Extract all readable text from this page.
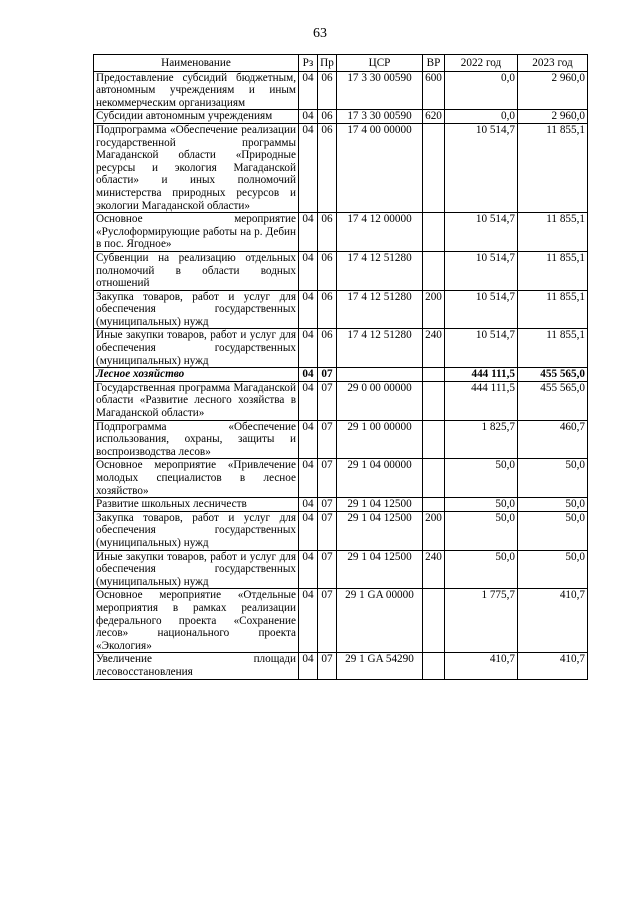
63
Наименование	Рз	Пр	ЦСР	ВР	2022 год	2023 год
Предоставление субсидий бюджетным, автономным учреждениям и иным некоммерческим организациям	04	06	17 3 30 00590	600	0,0	2 960,0
Субсидии автономным учреждениям	04	06	17 3 30 00590	620	0,0	2 960,0
Подпрограмма «Обеспечение реализации государственной программы Магаданской области «Природные ресурсы и экология Магаданской области» и иных полномочий министерства природных ресурсов и экологии Магаданской области»	04	06	17 4 00 00000		10 514,7	11 855,1
Основное мероприятие «Руслоформирующие работы на р. Дебин в пос. Ягодное»	04	06	17 4 12 00000		10 514,7	11 855,1
Субвенции на реализацию отдельных полномочий в области водных отношений	04	06	17 4 12 51280		10 514,7	11 855,1
Закупка товаров, работ и услуг для обеспечения государственных (муниципальных) нужд	04	06	17 4 12 51280	200	10 514,7	11 855,1
Иные закупки товаров, работ и услуг для обеспечения государственных (муниципальных) нужд	04	06	17 4 12 51280	240	10 514,7	11 855,1
Лесное хозяйство	04	07			444 111,5	455 565,0
Государственная программа Магаданской области «Развитие лесного хозяйства в Магаданской области»	04	07	29 0 00 00000		444 111,5	455 565,0
Подпрограмма «Обеспечение использования, охраны, защиты и воспроизводства лесов»	04	07	29 1 00 00000		1 825,7	460,7
Основное мероприятие «Привлечение молодых специалистов в лесное хозяйство»	04	07	29 1 04 00000		50,0	50,0
Развитие школьных лесничеств	04	07	29 1 04 12500		50,0	50,0
Закупка товаров, работ и услуг для обеспечения государственных (муниципальных) нужд	04	07	29 1 04 12500	200	50,0	50,0
Иные закупки товаров, работ и услуг для обеспечения государственных (муниципальных) нужд	04	07	29 1 04 12500	240	50,0	50,0
Основное мероприятие «Отдельные мероприятия в рамках реализации федерального проекта «Сохранение лесов» национального проекта «Экология»	04	07	29 1 GA 00000		1 775,7	410,7
Увеличение площади лесовосстановления	04	07	29 1 GA 54290		410,7	410,7
